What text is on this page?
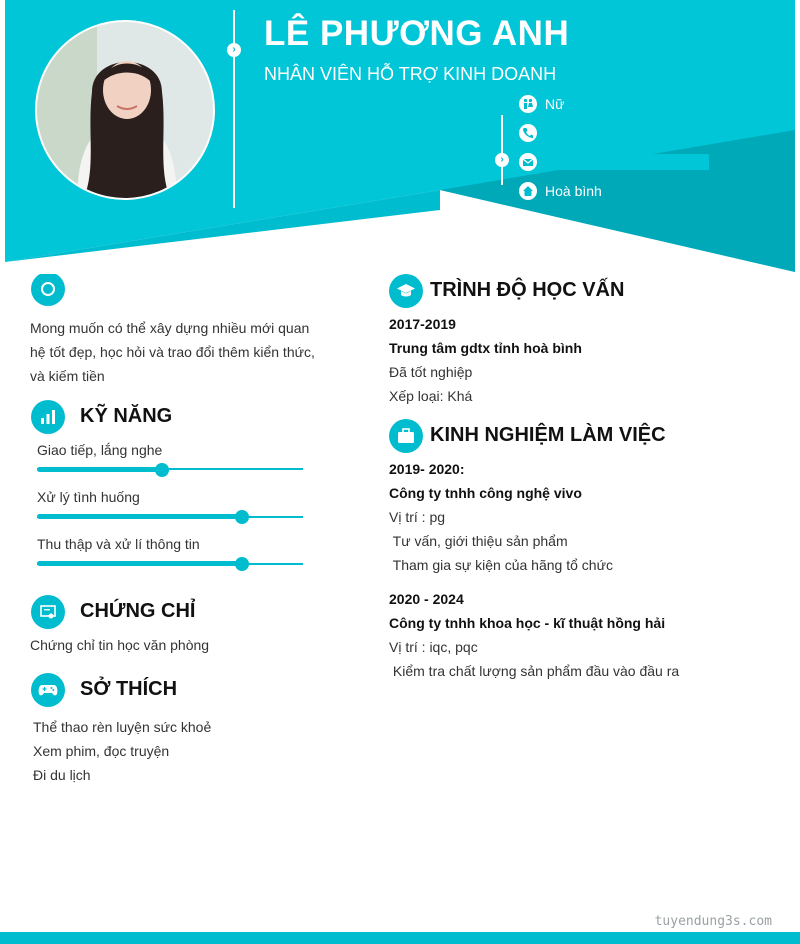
›
›
LÊ PHƯƠNG ANH
NHÂN VIÊN HỖ TRỢ KINH DOANH
Nữ
Hoà bình
Mong muốn có thể xây dựng nhiều mới quan
hệ tốt đẹp, học hỏi và trao đổi thêm kiển thức,
và kiếm tiền
KỸ NĂNG
Giao tiếp, lắng nghe
Xử lý tình huống
Thu thập và xử lí thông tin
CHỨNG CHỈ
Chứng chỉ tin học văn phòng
SỞ THÍCH
Thể thao rèn luyện sức khoẻ
Xem phim, đọc truyện
Đi du lịch
TRÌNH ĐỘ HỌC VẤN
2017-2019
Trung tâm gdtx tỉnh hoà bình
Đã tốt nghiệp
Xếp loại: Khá
KINH NGHIỆM LÀM VIỆC
2019- 2020:
Công ty tnhh công nghệ vivo
Vị trí : pg
Tư vấn, giới thiệu sản phẩm
Tham gia sự kiện của hãng tổ chức
2020 - 2024
Công ty tnhh khoa học - kĩ thuật hồng hải
Vị trí : iqc, pqc
Kiểm tra chất lượng sản phẩm đầu vào đầu ra
tuyendung3s.com
